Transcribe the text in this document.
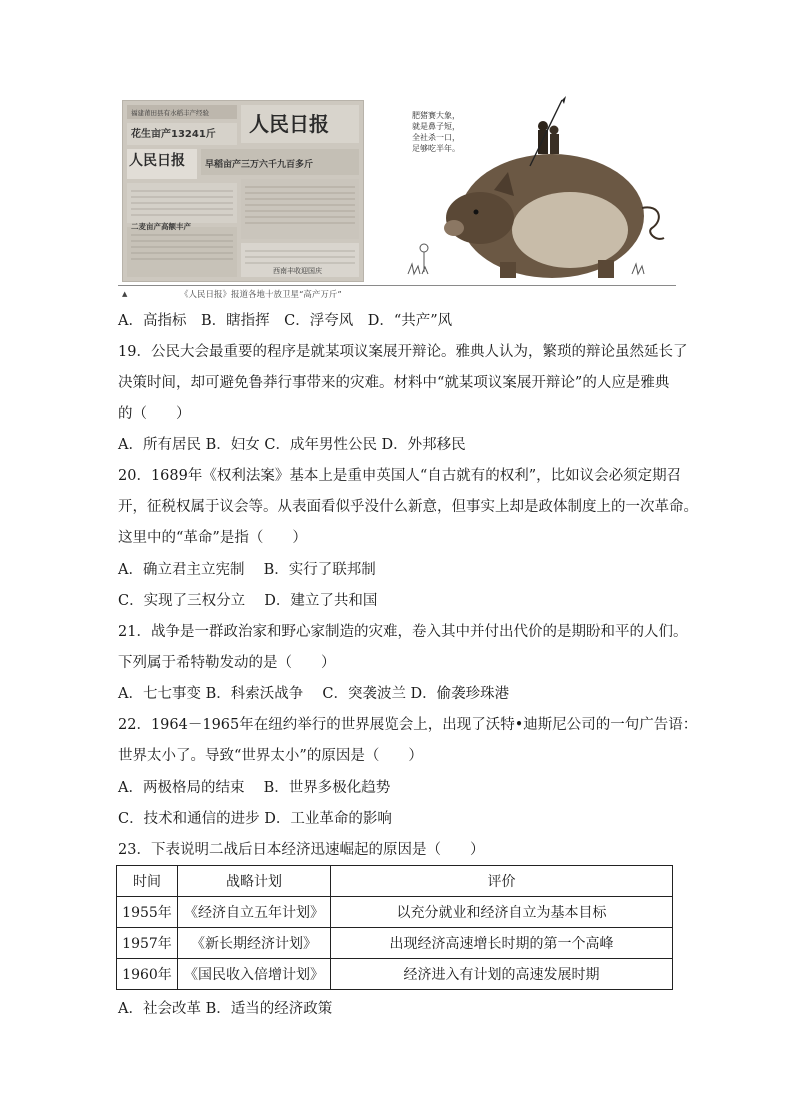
人民日报
人民日报
福建莆田县有水稻丰产经验
花生亩产13241斤
早稻亩产三万六千九百多斤
二麦亩产高额丰产
西南丰收迎国庆
肥猪赛大象，
就是鼻子短，
全社杀一口，
足够吃半年。
▲	《人民日报》报道各地十放卫星“高产万斤”
A．高指标　B．瞎指挥　C．浮夸风　D．“共产”风
19．公民大会最重要的程序是就某项议案展开辩论。雅典人认为，繁琐的辩论虽然延长了
决策时间，却可避免鲁莽行事带来的灾难。材料中“就某项议案展开辩论”的人应是雅典
的（　　）
A．所有居民 B．妇女 C．成年男性公民 D．外邦移民
20．1689年《权利法案》基本上是重申英国人“自古就有的权利”，比如议会必须定期召
开，征税权属于议会等。从表面看似乎没什么新意，但事实上却是政体制度上的一次革命。
这里中的“革命”是指（　　）
A．确立君主立宪制　 B．实行了联邦制
C．实现了三权分立　 D．建立了共和国
21．战争是一群政治家和野心家制造的灾难，卷入其中并付出代价的是期盼和平的人们。
下列属于希特勒发动的是（　　）
A．七七事变 B．科索沃战争　 C．突袭波兰 D．偷袭珍珠港
22．1964－1965年在纽约举行的世界展览会上，出现了沃特•迪斯尼公司的一句广告语：
世界太小了。导致“世界太小”的原因是（　　）
A．两极格局的结束　 B．世界多极化趋势
C．技术和通信的进步 D．工业革命的影响
23．下表说明二战后日本经济迅速崛起的原因是（　　）
时间	战略计划	评价
1955年	《经济自立五年计划》	以充分就业和经济自立为基本目标
1957年	《新长期经济计划》	出现经济高速增长时期的第一个高峰
1960年	《国民收入倍增计划》	经济进入有计划的高速发展时期
A．社会改革 B．适当的经济政策
